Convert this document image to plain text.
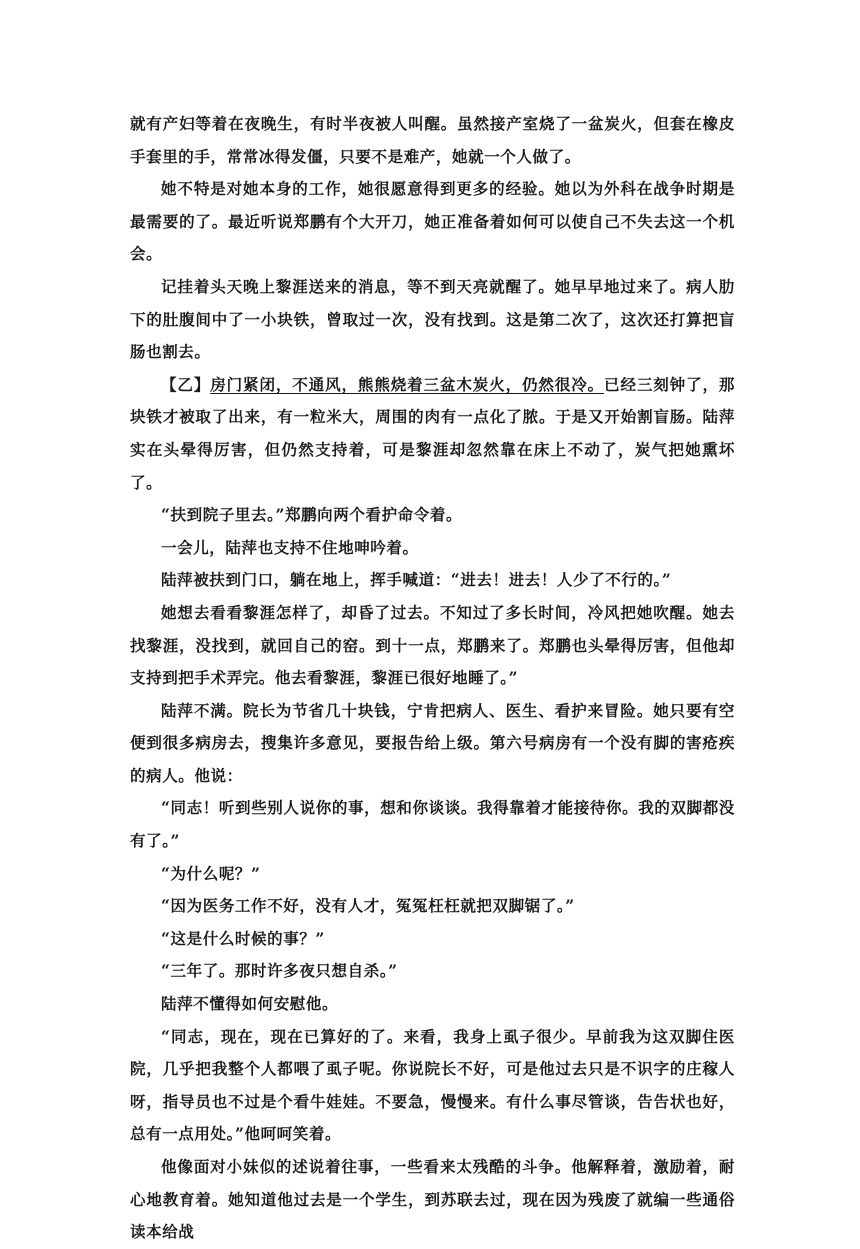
就有产妇等着在夜晚生，有时半夜被人叫醒。虽然接产室烧了一盆炭火，但套在橡皮手套里的手，常常冰得发僵，只要不是难产，她就一个人做了。

她不特是对她本身的工作，她很愿意得到更多的经验。她以为外科在战争时期是最需要的了。最近听说郑鹏有个大开刀，她正准备着如何可以使自己不失去这一个机会。

记挂着头天晚上黎涯送来的消息，等不到天亮就醒了。她早早地过来了。病人肋下的肚腹间中了一小块铁，曾取过一次，没有找到。这是第二次了，这次还打算把盲肠也割去。

【乙】房门紧闭，不通风，熊熊烧着三盆木炭火，仍然很冷。已经三刻钟了，那块铁才被取了出来，有一粒米大，周围的肉有一点化了脓。于是又开始割盲肠。陆萍实在头晕得厉害，但仍然支持着，可是黎涯却忽然靠在床上不动了，炭气把她熏坏了。

“扶到院子里去。”郑鹏向两个看护命令着。

一会儿，陆萍也支持不住地呻吟着。

陆萍被扶到门口，躺在地上，挥手喊道：“进去！进去！人少了不行的。”

她想去看看黎涯怎样了，却昏了过去。不知过了多长时间，冷风把她吹醒。她去找黎涯，没找到，就回自己的窑。到十一点，郑鹏来了。郑鹏也头晕得厉害，但他却支持到把手术弄完。他去看黎涯，黎涯已很好地睡了。”

陆萍不满。院长为节省几十块钱，宁肯把病人、医生、看护来冒险。她只要有空便到很多病房去，搜集许多意见，要报告给上级。第六号病房有一个没有脚的害疮疾的病人。他说：

“同志！听到些别人说你的事，想和你谈谈。我得靠着才能接待你。我的双脚都没有了。”

“为什么呢？”

“因为医务工作不好，没有人才，冤冤枉枉就把双脚锯了。”

“这是什么时候的事？”

“三年了。那时许多夜只想自杀。”

陆萍不懂得如何安慰他。

“同志，现在，现在已算好的了。来看，我身上虱子很少。早前我为这双脚住医院，几乎把我整个人都喂了虱子呢。你说院长不好，可是他过去只是不识字的庄稼人呀，指导员也不过是个看牛娃娃。不要急，慢慢来。有什么事尽管谈，告告状也好，总有一点用处。”他呵呵笑着。

他像面对小妹似的述说着往事，一些看来太残酷的斗争。他解释着，激励着，耐心地教育着。她知道他过去是一个学生，到苏联去过，现在因为残废了就编一些通俗读本给战
